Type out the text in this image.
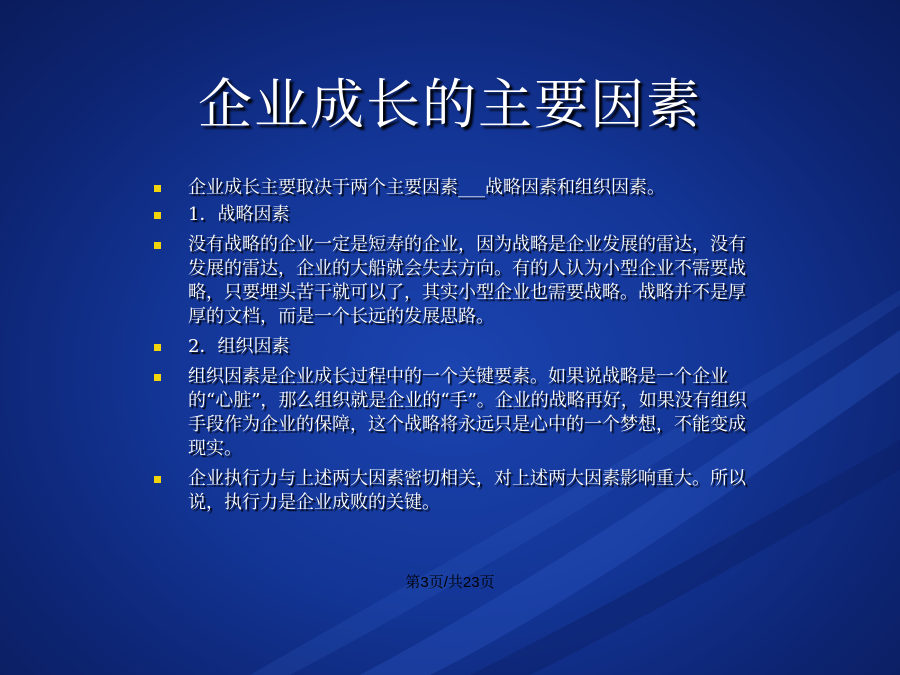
企业成长的主要因素
企业成长主要取决于两个主要因素___战略因素和组织因素。
1．战略因素
没有战略的企业一定是短寿的企业，因为战略是企业发展的雷达，没有发展的雷达，企业的大船就会失去方向。有的人认为小型企业不需要战略，只要埋头苦干就可以了，其实小型企业也需要战略。战略并不是厚厚的文档，而是一个长远的发展思路。
2．组织因素
组织因素是企业成长过程中的一个关键要素。如果说战略是一个企业的“心脏”，那么组织就是企业的“手”。企业的战略再好，如果没有组织手段作为企业的保障，这个战略将永远只是心中的一个梦想，不能变成现实。
企业执行力与上述两大因素密切相关，对上述两大因素影响重大。所以说，执行力是企业成败的关键。
第3页/共23页
